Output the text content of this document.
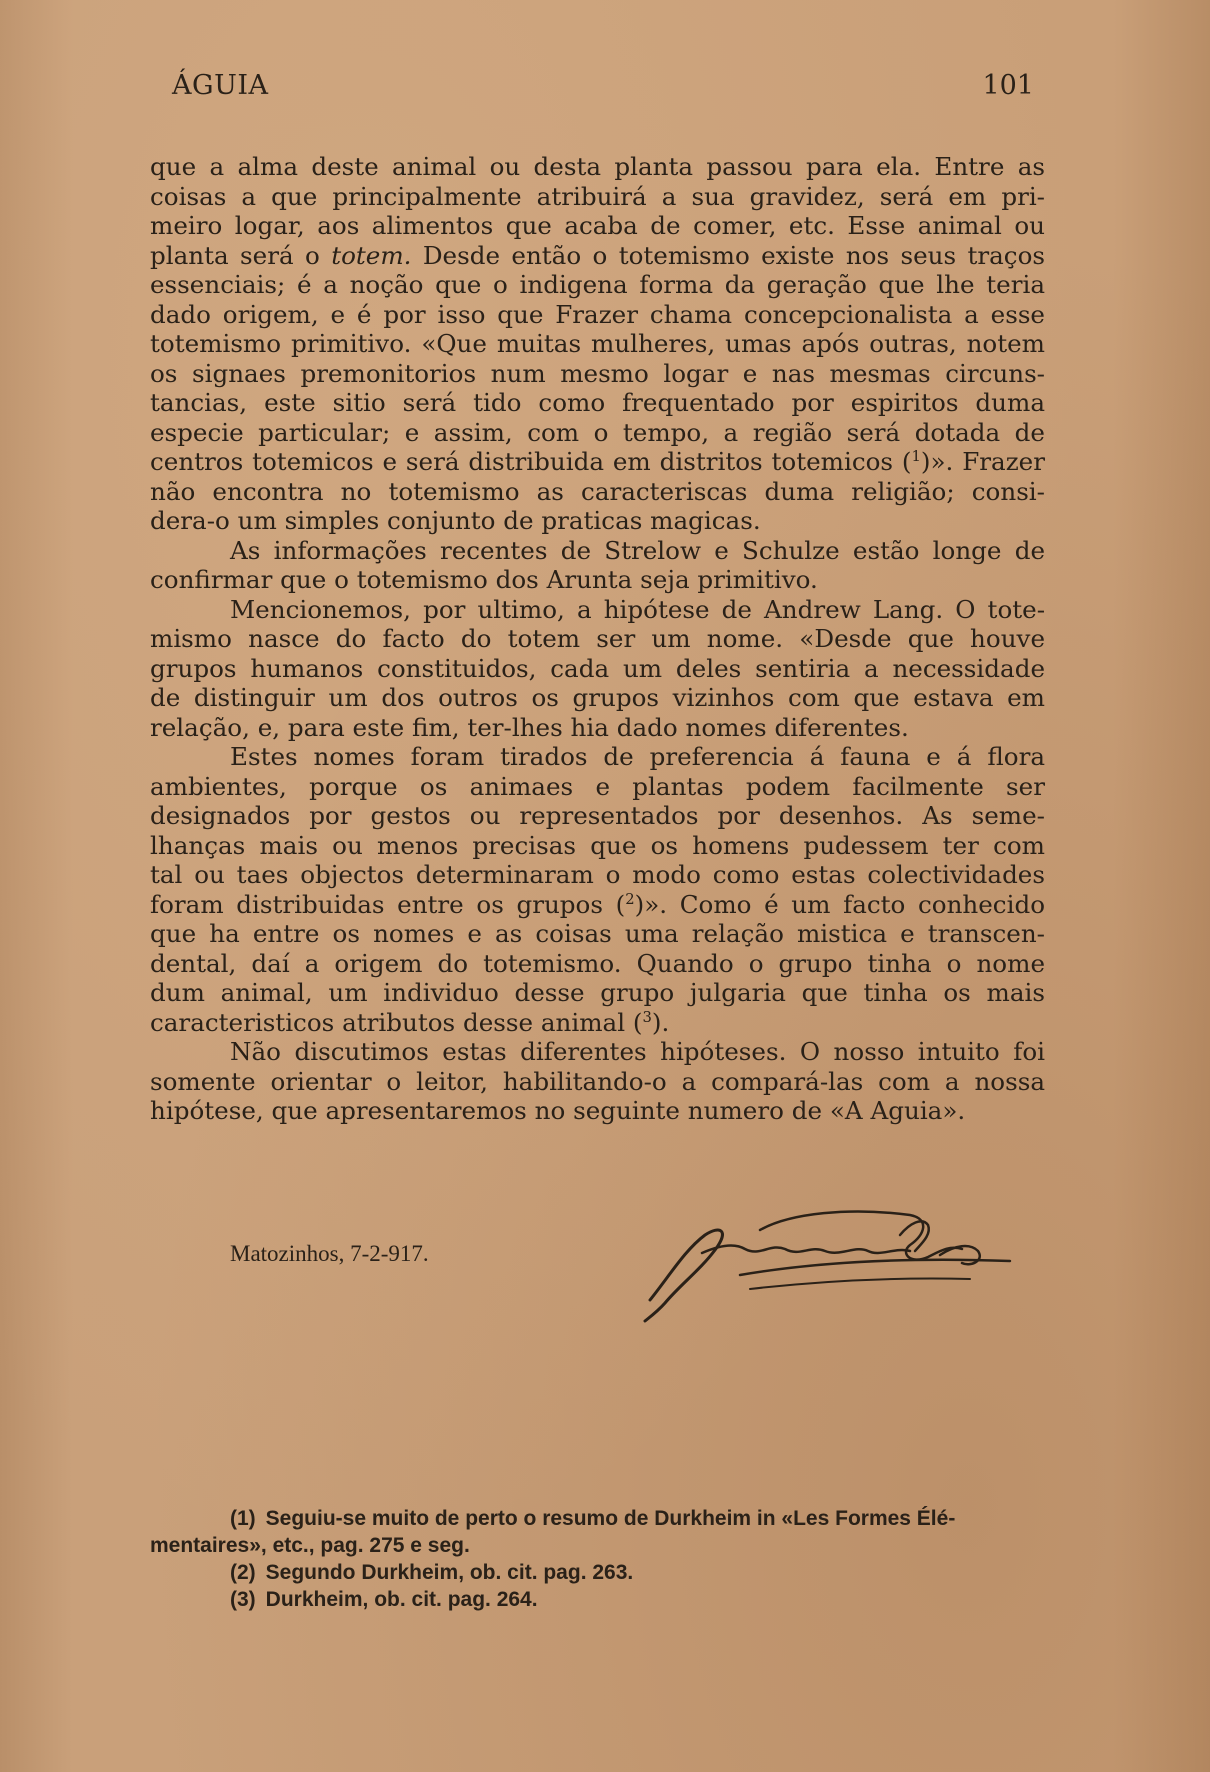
ÁGUIA	101

que a alma deste animal ou desta planta passou para ela. Entre as
coisas a que principalmente atribuirá a sua gravidez, será em pri-
meiro logar, aos alimentos que acaba de comer, etc. Esse animal ou
planta será o totem. Desde então o totemismo existe nos seus traços
essenciais; é a noção que o indigena forma da geração que lhe teria
dado origem, e é por isso que Frazer chama concepcionalista a esse
totemismo primitivo. «Que muitas mulheres, umas após outras, notem
os signaes premonitorios num mesmo logar e nas mesmas circuns-
tancias, este sitio será tido como frequentado por espiritos duma
especie particular; e assim, com o tempo, a região será dotada de
centros totemicos e será distribuida em distritos totemicos ($^1$)». Frazer
não encontra no totemismo as caracteriscas duma religião; consi-
dera-o um simples conjunto de praticas magicas.

As informações recentes de Strelow e Schulze estão longe de
confirmar que o totemismo dos Arunta seja primitivo.

Mencionemos, por ultimo, a hipótese de Andrew Lang. O tote-
mismo nasce do facto do totem ser um nome. «Desde que houve
grupos humanos constituidos, cada um deles sentiria a necessidade
de distinguir um dos outros os grupos vizinhos com que estava em
relação, e, para este fim, ter-lhes hia dado nomes diferentes.
Estes nomes foram tirados de preferencia á fauna e á flora
ambientes, porque os animaes e plantas podem facilmente ser
designados por gestos ou representados por desenhos. As seme-
lhanças mais ou menos precisas que os homens pudessem ter com
tal ou taes objectos determinaram o modo como estas colectividades
foram distribuidas entre os grupos ($^2$)». Como é um facto conhecido
que ha entre os nomes e as coisas uma relação mistica e transcen-
dental, daí a origem do totemismo. Quando o grupo tinha o nome
dum animal, um individuo desse grupo julgaria que tinha os mais
caracteristicos atributos desse animal ($^3$).

Não discutimos estas diferentes hipóteses. O nosso intuito foi
somente orientar o leitor, habilitando-o a compará-las com a nossa
hipótese, que apresentaremos no seguinte numero de «A Aguia».

Matozinhos, 7-2-917.

(1) Seguiu-se muito de perto o resumo de Durkheim in «Les Formes Élé-

mentaires», etc., pag. 275 e seg.

(2) Segundo Durkheim, ob. cit. pag. 263.

(3) Durkheim, ob. cit. pag. 264.
